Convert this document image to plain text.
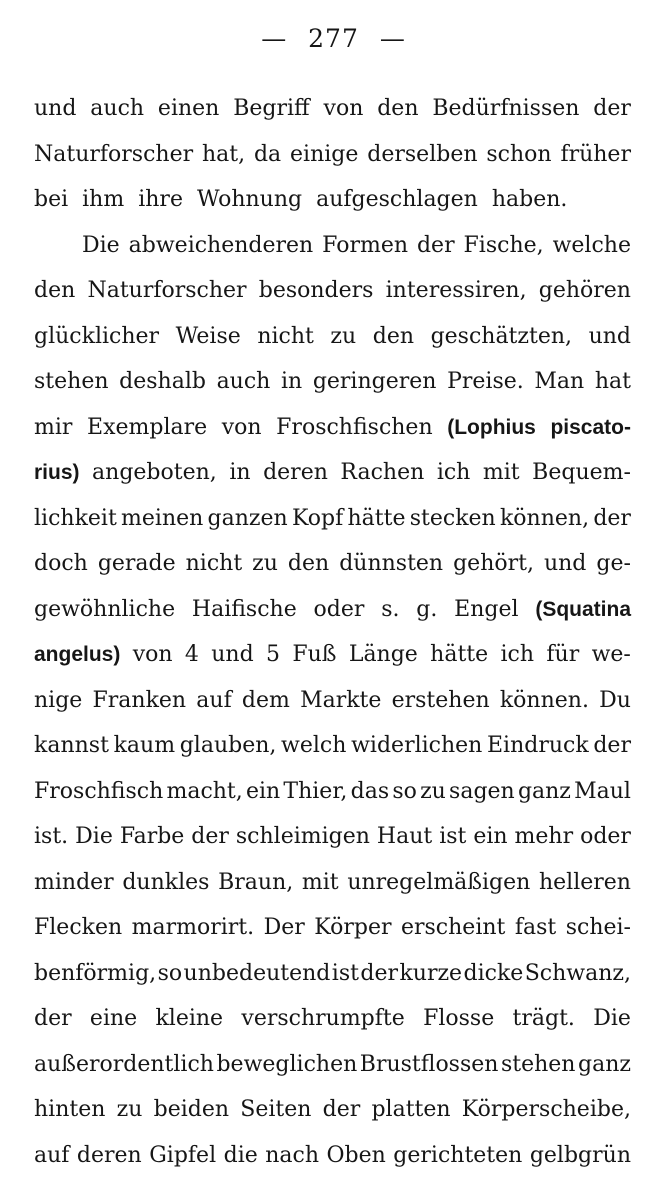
— 277 —
und auch einen Begriff von den Bedürfnissen der
Naturforscher hat, da einige derselben schon früher
bei ihm ihre Wohnung aufgeschlagen haben.
Die abweichenderen Formen der Fische, welche
den Naturforscher besonders interessiren, gehören
glücklicher Weise nicht zu den geschätzten, und
stehen deshalb auch in geringeren Preise. Man hat
mir Exemplare von Froschfischen (Lophius piscato-
rius) angeboten, in deren Rachen ich mit Bequem-
lichkeit meinen ganzen Kopf hätte stecken können, der
doch gerade nicht zu den dünnsten gehört, und ge-
gewöhnliche Haifische oder s. g. Engel (Squatina
angelus) von 4 und 5 Fuß Länge hätte ich für we-
nige Franken auf dem Markte erstehen können. Du
kannst kaum glauben, welch widerlichen Eindruck der
Froschfisch macht, ein Thier, das so zu sagen ganz Maul
ist. Die Farbe der schleimigen Haut ist ein mehr oder
minder dunkles Braun, mit unregelmäßigen helleren
Flecken marmorirt. Der Körper erscheint fast schei-
benförmig, so unbedeutend ist der kurze dicke Schwanz,
der eine kleine verschrumpfte Flosse trägt. Die
außerordentlich beweglichen Brustflossen stehen ganz
hinten zu beiden Seiten der platten Körperscheibe,
auf deren Gipfel die nach Oben gerichteten gelbgrün
